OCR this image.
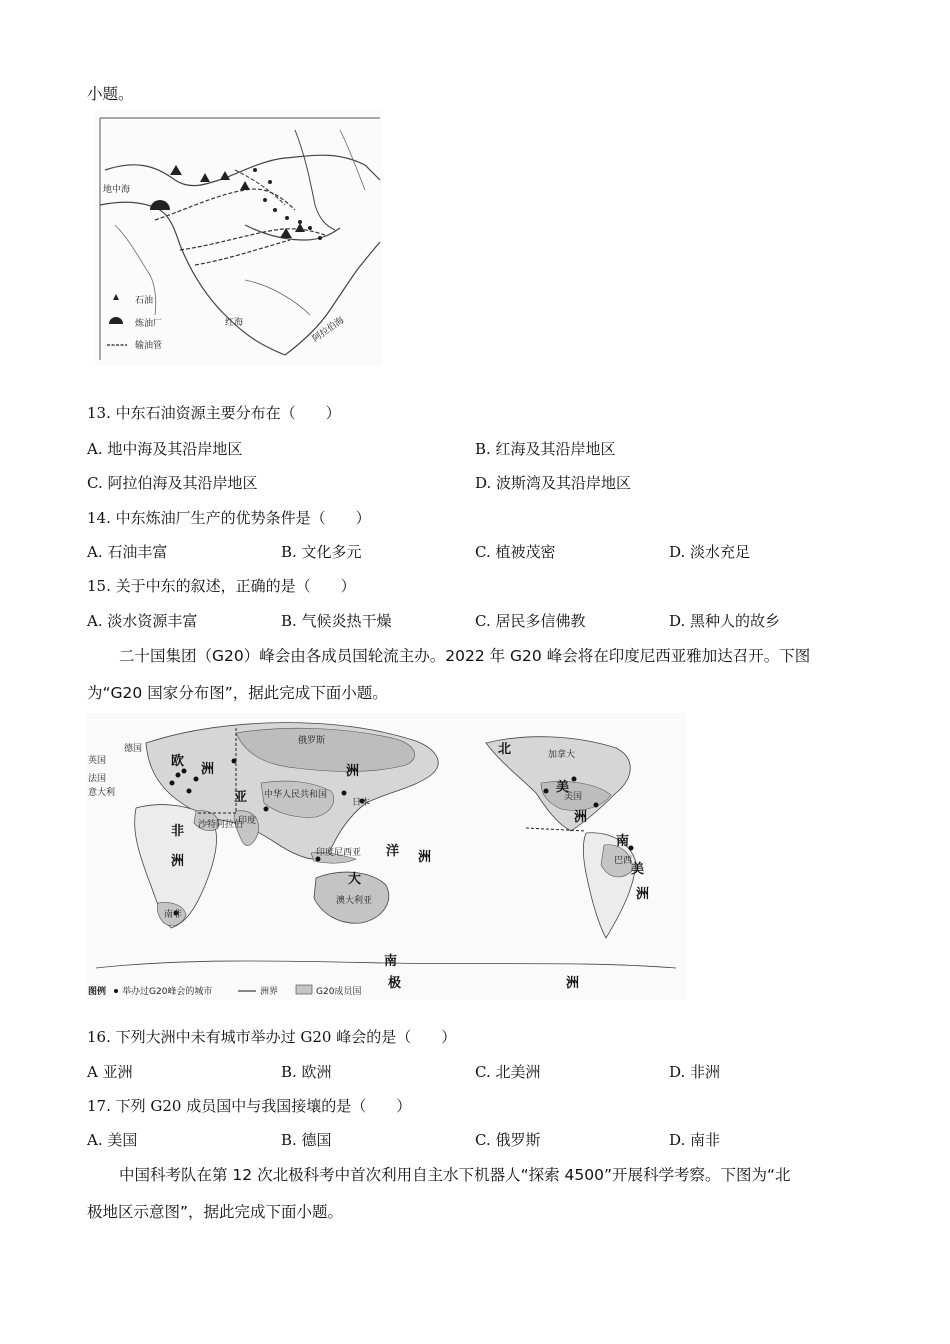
小题。
地中海
红海	阿拉伯海
石油
炼油厂
输油管
13. 中东石油资源主要分布在（　　）
A. 地中海及其沿岸地区	B. 红海及其沿岸地区
C. 阿拉伯海及其沿岸地区	D. 波斯湾及其沿岸地区
14. 中东炼油厂生产的优势条件是（　　）
A. 石油丰富	B. 文化多元	C. 植被茂密	D. 淡水充足
15. 关于中东的叙述，正确的是（　　）
A. 淡水资源丰富	B. 气候炎热干燥	C. 居民多信佛教	D. 黑种人的故乡
二十国集团（G20）峰会由各成员国轮流主办。2022 年 G20 峰会将在印度尼西亚雅加达召开。下图
为“G20 国家分布图”，据此完成下面小题。
欧
洲
亚
洲
非
洲
大
洋 洲
北
美
洲
南
美
洲
南
极	洲
德国
英国
法国
意大利
俄罗斯
中华人民共和国
日本
印度
沙特阿拉伯
印度尼西亚
澳大利亚
南非
加拿大
美国
巴西
图例 举办过G20峰会的城市	洲界	G20成员国
16. 下列大洲中未有城市举办过 G20 峰会的是（　　）
A 亚洲	B. 欧洲	C. 北美洲	D. 非洲
17. 下列 G20 成员国中与我国接壤的是（　　）
A. 美国	B. 德国	C. 俄罗斯	D. 南非
中国科考队在第 12 次北极科考中首次利用自主水下机器人“探索 4500”开展科学考察。下图为“北
极地区示意图”，据此完成下面小题。
